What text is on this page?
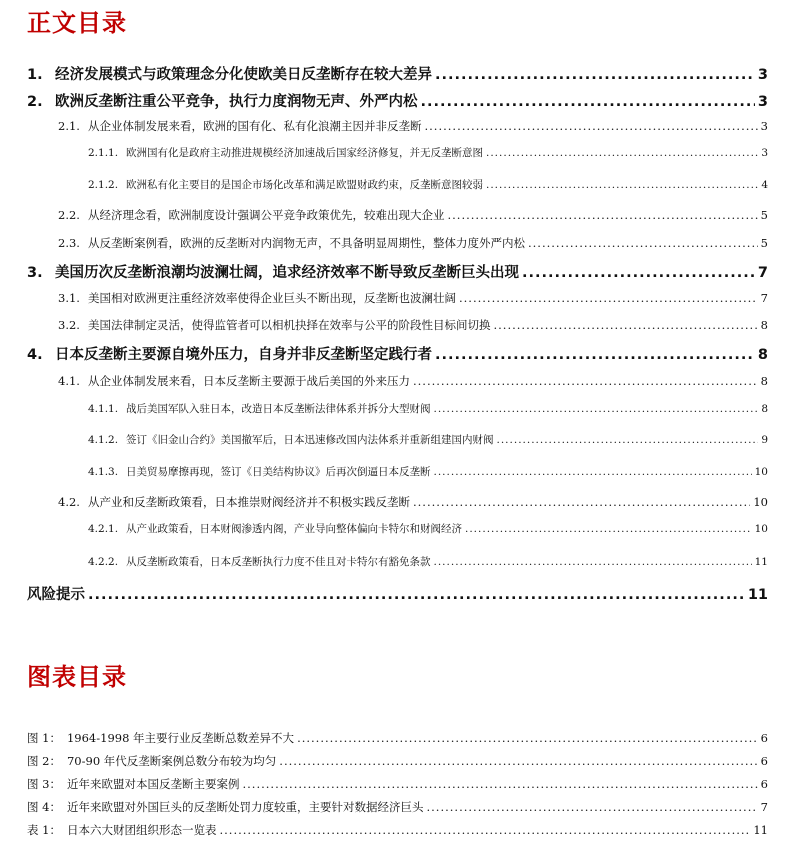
正文目录
1. 经济发展模式与政策理念分化使欧美日反垄断存在较大差异 .....	3
2. 欧洲反垄断注重公平竞争，执行力度润物无声、外严内松 .....	3
2.1. 从企业体制发展来看，欧洲的国有化、私有化浪潮主因并非反垄断 .....	3
2.1.1. 欧洲国有化是政府主动推进规模经济加速战后国家经济修复，并无反垄断意图 .....	3
2.1.2. 欧洲私有化主要目的是国企市场化改革和满足欧盟财政约束，反垄断意图较弱 .....	4
2.2. 从经济理念看，欧洲制度设计强调公平竞争政策优先，较难出现大企业 .....	5
2.3. 从反垄断案例看，欧洲的反垄断对内润物无声，不具备明显周期性，整体力度外严内松 .....	5
3. 美国历次反垄断浪潮均波澜壮阔，追求经济效率不断导致反垄断巨头出现 .....	7
3.1. 美国相对欧洲更注重经济效率使得企业巨头不断出现，反垄断也波澜壮阔 .....	7
3.2. 美国法律制定灵活，使得监管者可以相机抉择在效率与公平的阶段性目标间切换 .....	8
4. 日本反垄断主要源自境外压力，自身并非反垄断坚定践行者 .....	8
4.1. 从企业体制发展来看，日本反垄断主要源于战后美国的外来压力 .....	8
4.1.1. 战后美国军队入驻日本，改造日本反垄断法律体系并拆分大型财阀 .....	8
4.1.2. 签订《旧金山合约》美国撤军后，日本迅速修改国内法体系并重新组建国内财阀 .....	9
4.1.3. 日美贸易摩擦再现，签订《日美结构协议》后再次倒逼日本反垄断 .....	10
4.2. 从产业和反垄断政策看，日本推崇财阀经济并不积极实践反垄断 .....	10
4.2.1. 从产业政策看，日本财阀渗透内阁，产业导向整体偏向卡特尔和财阀经济 .....	10
4.2.2. 从反垄断政策看，日本反垄断执行力度不佳且对卡特尔有豁免条款 .....	11
风险提示 .....	11
图表目录
图 1： 1964-1998 年主要行业反垄断总数差异不大 .....	6
图 2： 70-90 年代反垄断案例总数分布较为均匀 .....	6
图 3： 近年来欧盟对本国反垄断主要案例 .....	6
图 4： 近年来欧盟对外国巨头的反垄断处罚力度较重，主要针对数据经济巨头 .....	7
表 1： 日本六大财团组织形态一览表 .....	11
